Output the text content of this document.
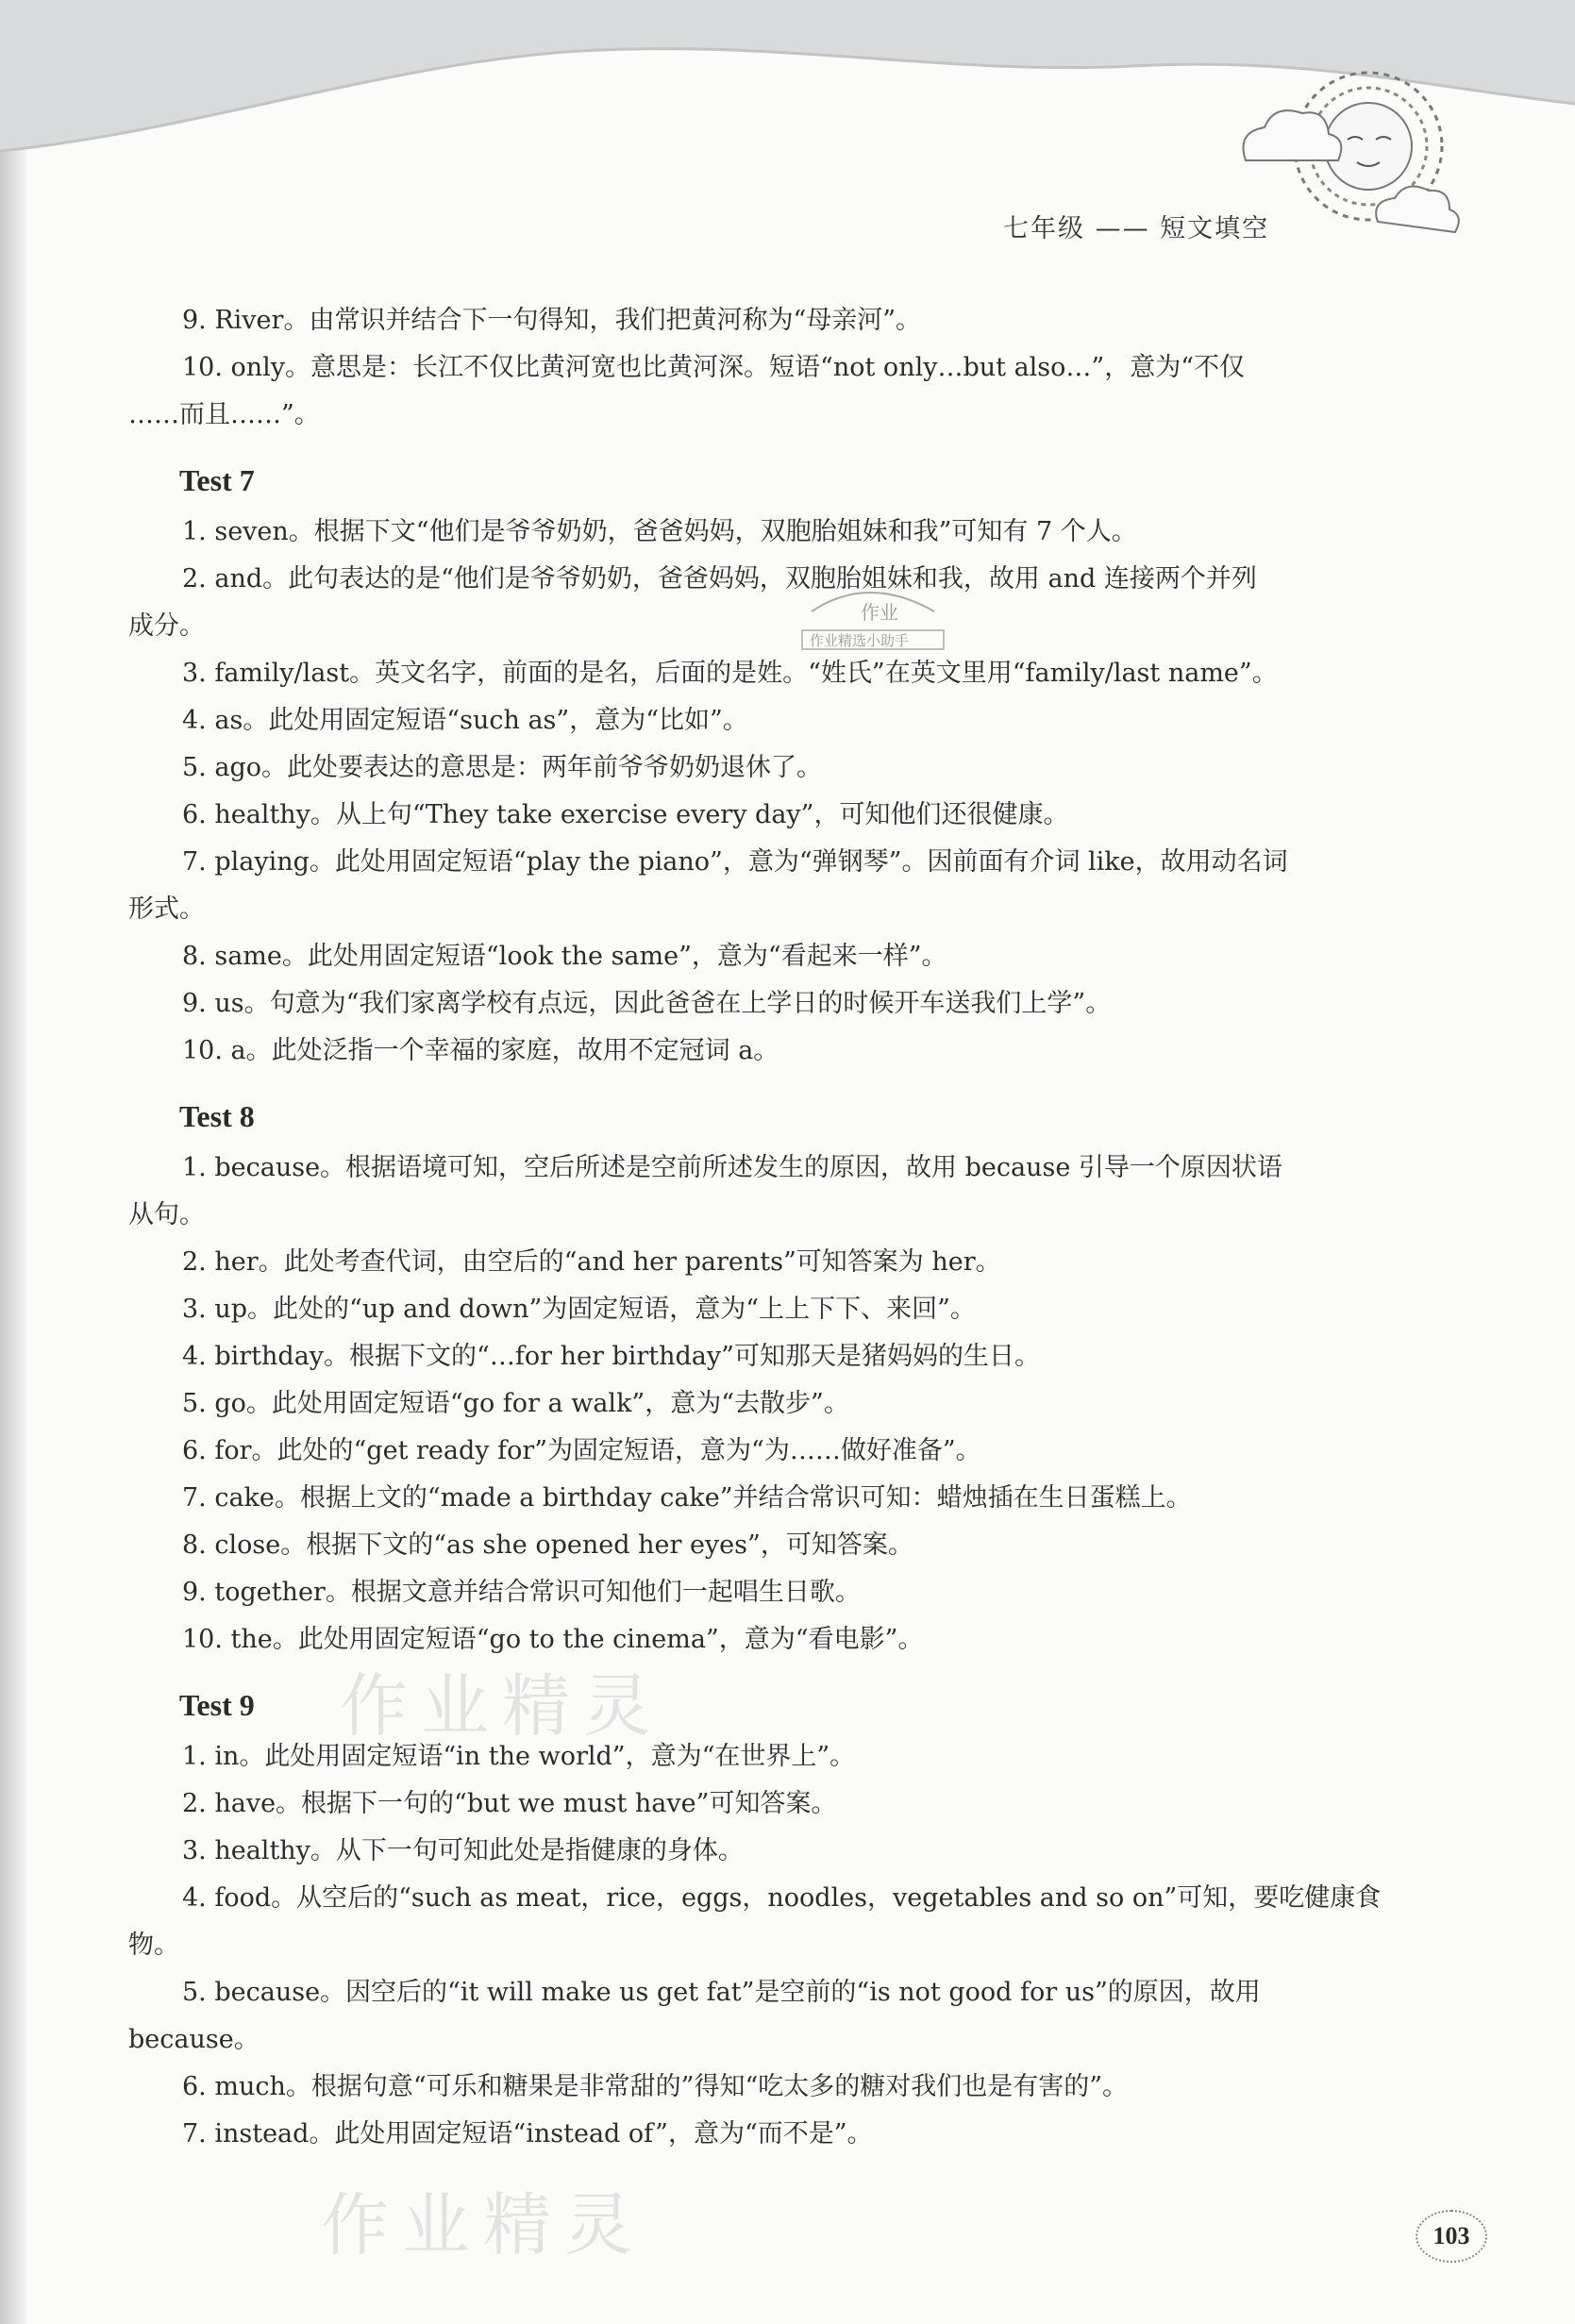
七年级 —— 短文填空

9. River。由常识并结合下一句得知，我们把黄河称为“母亲河”。

10. only。意思是：长江不仅比黄河宽也比黄河深。短语“not only…but also…”，意为“不仅

……而且……”。

Test 7

1. seven。根据下文“他们是爷爷奶奶，爸爸妈妈，双胞胎姐妹和我”可知有 7 个人。

2. and。此句表达的是“他们是爷爷奶奶，爸爸妈妈，双胞胎姐妹和我，故用 and 连接两个并列

成分。

3. family/last。英文名字，前面的是名，后面的是姓。“姓氏”在英文里用“family/last name”。

4. as。此处用固定短语“such as”，意为“比如”。

5. ago。此处要表达的意思是：两年前爷爷奶奶退休了。

6. healthy。从上句“They take exercise every day”，可知他们还很健康。

7. playing。此处用固定短语“play the piano”，意为“弹钢琴”。因前面有介词 like，故用动名词

形式。

8. same。此处用固定短语“look the same”，意为“看起来一样”。

9. us。句意为“我们家离学校有点远，因此爸爸在上学日的时候开车送我们上学”。

10. a。此处泛指一个幸福的家庭，故用不定冠词 a。

Test 8

1. because。根据语境可知，空后所述是空前所述发生的原因，故用 because 引导一个原因状语

从句。

2. her。此处考查代词，由空后的“and her parents”可知答案为 her。

3. up。此处的“up and down”为固定短语，意为“上上下下、来回”。

4. birthday。根据下文的“…for her birthday”可知那天是猪妈妈的生日。

5. go。此处用固定短语“go for a walk”，意为“去散步”。

6. for。此处的“get ready for”为固定短语，意为“为……做好准备”。

7. cake。根据上文的“made a birthday cake”并结合常识可知：蜡烛插在生日蛋糕上。

8. close。根据下文的“as she opened her eyes”，可知答案。

9. together。根据文意并结合常识可知他们一起唱生日歌。

10. the。此处用固定短语“go to the cinema”，意为“看电影”。

Test 9

1. in。此处用固定短语“in the world”，意为“在世界上”。

2. have。根据下一句的“but we must have”可知答案。

3. healthy。从下一句可知此处是指健康的身体。

4. food。从空后的“such as meat，rice，eggs，noodles，vegetables and so on”可知，要吃健康食

物。

5. because。因空后的“it will make us get fat”是空前的“is not good for us”的原因，故用

because。

6. much。根据句意“可乐和糖果是非常甜的”得知“吃太多的糖对我们也是有害的”。

7. instead。此处用固定短语“instead of”，意为“而不是”。

作业
作业精选小助手
作业精灵
作业精灵	103
